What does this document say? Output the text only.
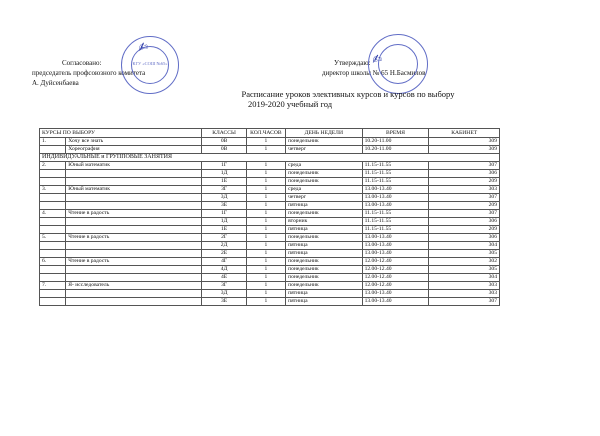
Согласовано:
председатель профсоюзного комитета
А. Дуйсенбаева
Утверждаю:
директор школы № 65 Н.Басмилов
КГУ «СОШ №65»
✍
✍
Расписание уроков элективных курсов и курсов по выбору
2019-2020 учебный год
КУРСЫ ПО ВЫБОРУ		КЛАССЫ	КОЛ.ЧАСОВ	ДЕНЬ НЕДЕЛИ	ВРЕМЯ	КАБИНЕТ
1.	Хочу все знать	0В	1	понедельник	10.20-11.00	309
	Хореография	0В	1	четверг	10.20-11.00	309
ИНДИВИДУАЛЬНЫЕ и ГРУППОВЫЕ ЗАНЯТИЯ						
2.	Юный математик	1Г	1	среда	11.15-11.55	307
		1Д	1	понедельник	11.15-11.55	306
		1Е	1	понедельник	11.15-11.55	209
3.	Юный математик	3Г	1	среда	13.00-13.40	303
		3Д	1	четверг	13.00-13.40	307
		3Е	1	пятница	13.00-13.40	209
4.	Чтение в радость	1Г	1	понедельник	11.15-11.55	307
		1Д	1	вторник	11.15-11.55	306
		1Е	1	пятница	11.15-11.55	209
5.	Чтение в радость	2Г	1	понедельник	13.00-13.40	306
		2Д	1	пятница	13.00-13.40	304
		2Е	1	пятница	13.00-13.40	305
6.	Чтение в радость	4Г	1	понедельник	12.00-12.40	302
		4Д	1	понедельник	12.00-12.40	305
		4Е	1	понедельник	12.00-12.40	304
7.	Я- исследователь	3Г	1	понедельник	12.00-12.40	303
		3Д	1	пятница	13.00-13.40	303
		3Е	1	пятница	13.00-13.40	307
